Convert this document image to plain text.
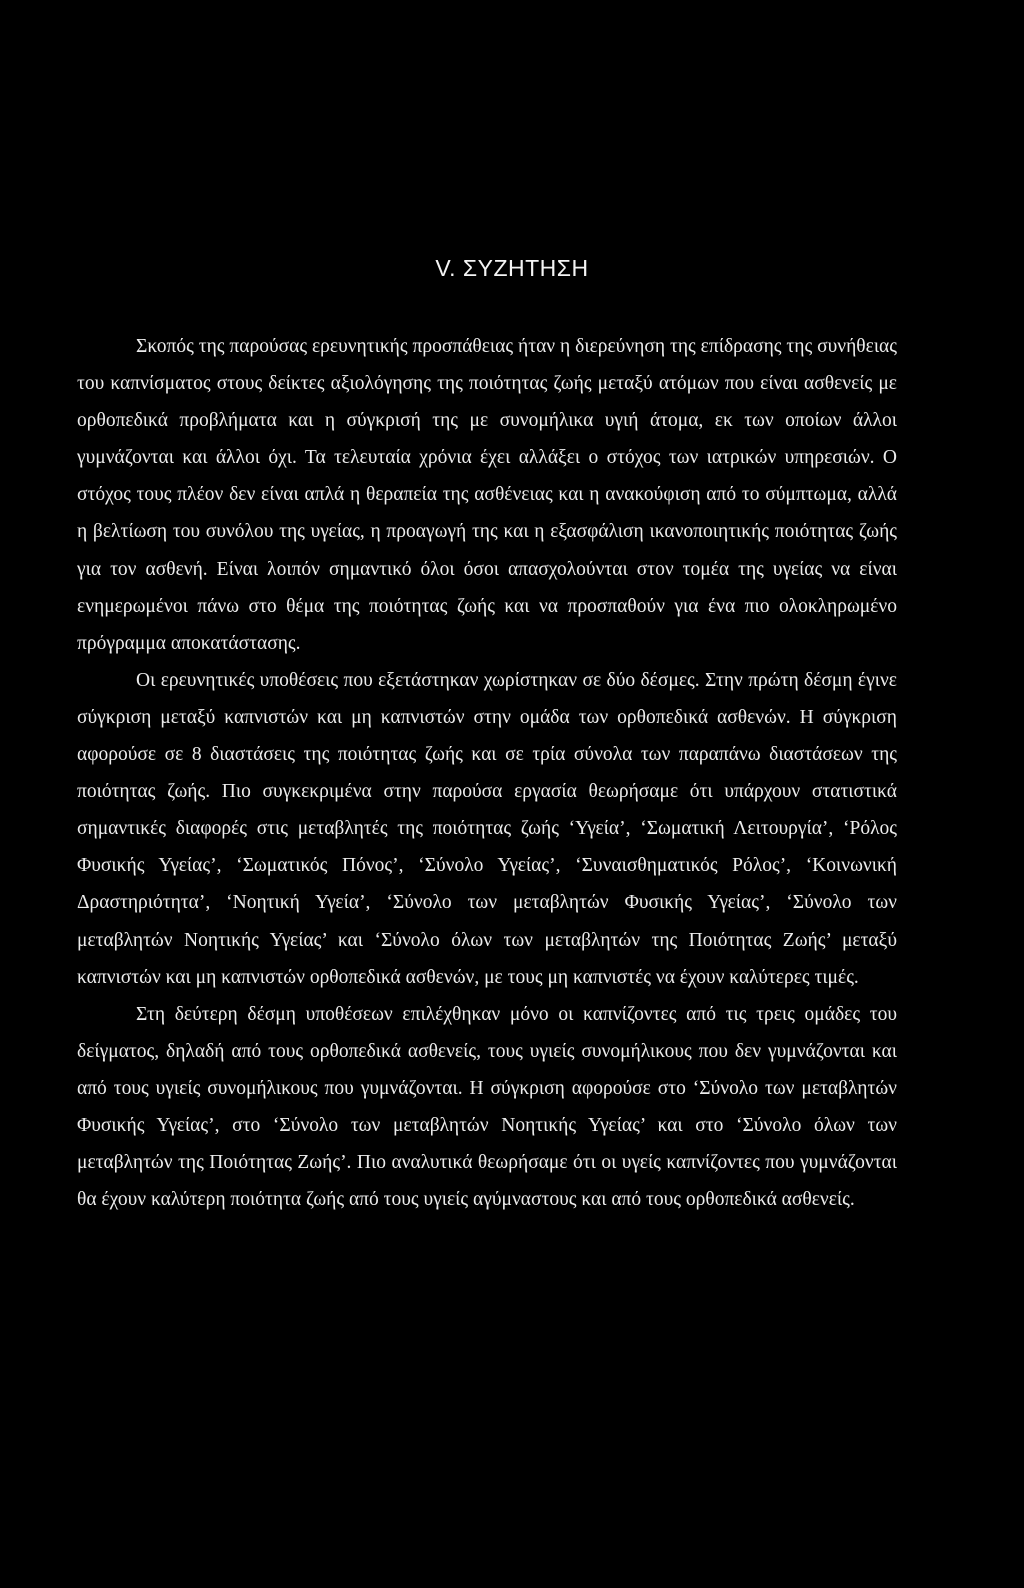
V. ΣΥΖΗΤΗΣΗ

Σκοπός της παρούσας ερευνητικής προσπάθειας ήταν η διερεύνηση της επίδρασης της συνήθειας του καπνίσματος στους δείκτες αξιολόγησης της ποιότητας ζωής μεταξύ ατόμων που είναι ασθενείς με ορθοπεδικά προβλήματα και η σύγκρισή της με συνομήλικα υγιή άτομα, εκ των οποίων άλλοι γυμνάζονται και άλλοι όχι. Τα τελευταία χρόνια έχει αλλάξει ο στόχος των ιατρικών υπηρεσιών. Ο στόχος τους πλέον δεν είναι απλά η θεραπεία της ασθένειας και η ανακούφιση από το σύμπτωμα, αλλά η βελτίωση του συνόλου της υγείας, η προαγωγή της και η εξασφάλιση ικανοποιητικής ποιότητας ζωής για τον ασθενή. Είναι λοιπόν σημαντικό όλοι όσοι απασχολούνται στον τομέα της υγείας να είναι ενημερωμένοι πάνω στο θέμα της ποιότητας ζωής και να προσπαθούν για ένα πιο ολοκληρωμένο πρόγραμμα αποκατάστασης.

Οι ερευνητικές υποθέσεις που εξετάστηκαν χωρίστηκαν σε δύο δέσμες. Στην πρώτη δέσμη έγινε σύγκριση μεταξύ καπνιστών και μη καπνιστών στην ομάδα των ορθοπεδικά ασθενών. Η σύγκριση αφορούσε σε 8 διαστάσεις της ποιότητας ζωής και σε τρία σύνολα των παραπάνω διαστάσεων της ποιότητας ζωής. Πιο συγκεκριμένα στην παρούσα εργασία θεωρήσαμε ότι υπάρχουν στατιστικά σημαντικές διαφορές στις μεταβλητές της ποιότητας ζωής ‘Υγεία’, ‘Σωματική Λειτουργία’, ‘Ρόλος Φυσικής Υγείας’, ‘Σωματικός Πόνος’, ‘Σύνολο Υγείας’, ‘Συναισθηματικός Ρόλος’, ‘Κοινωνική Δραστηριότητα’, ‘Νοητική Υγεία’, ‘Σύνολο των μεταβλητών Φυσικής Υγείας’, ‘Σύνολο των μεταβλητών Νοητικής Υγείας’ και ‘Σύνολο όλων των μεταβλητών της Ποιότητας Ζωής’ μεταξύ καπνιστών και μη καπνιστών ορθοπεδικά ασθενών, με τους μη καπνιστές να έχουν καλύτερες τιμές.

Στη δεύτερη δέσμη υποθέσεων επιλέχθηκαν μόνο οι καπνίζοντες από τις τρεις ομάδες του δείγματος, δηλαδή από τους ορθοπεδικά ασθενείς, τους υγιείς συνομήλικους που δεν γυμνάζονται και από τους υγιείς συνομήλικους που γυμνάζονται. Η σύγκριση αφορούσε στο ‘Σύνολο των μεταβλητών Φυσικής Υγείας’, στο ‘Σύνολο των μεταβλητών Νοητικής Υγείας’ και στο ‘Σύνολο όλων των μεταβλητών της Ποιότητας Ζωής’. Πιο αναλυτικά θεωρήσαμε ότι οι υγείς καπνίζοντες που γυμνάζονται θα έχουν καλύτερη ποιότητα ζωής από τους υγιείς αγύμναστους και από τους ορθοπεδικά ασθενείς.
